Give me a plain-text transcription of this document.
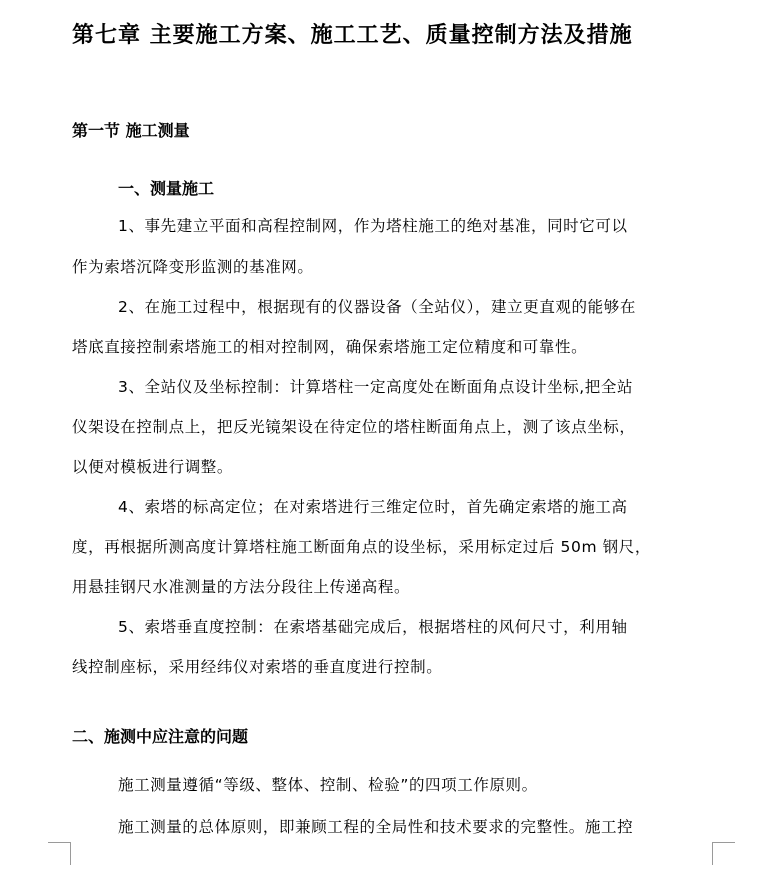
第七章 主要施工方案、施工工艺、质量控制方法及措施
第一节 施工测量
一、测量施工
1、事先建立平面和高程控制网，作为塔柱施工的绝对基准，同时它可以
作为索塔沉降变形监测的基准网。
2、在施工过程中，根据现有的仪器设备（全站仪），建立更直观的能够在
塔底直接控制索塔施工的相对控制网，确保索塔施工定位精度和可靠性。
3、全站仪及坐标控制：计算塔柱一定高度处在断面角点设计坐标,把全站
仪架设在控制点上，把反光镜架设在待定位的塔柱断面角点上，测了该点坐标，
以便对模板进行调整。
4、索塔的标高定位；在对索塔进行三维定位时，首先确定索塔的施工高
度，再根据所测高度计算塔柱施工断面角点的设坐标，采用标定过后 50m 钢尺，
用悬挂钢尺水准测量的方法分段往上传递高程。
5、索塔垂直度控制：在索塔基础完成后，根据塔柱的风何尺寸，利用轴
线控制座标，采用经纬仪对索塔的垂直度进行控制。
二、施测中应注意的问题
施工测量遵循“等级、整体、控制、检验”的四项工作原则。
施工测量的总体原则，即兼顾工程的全局性和技术要求的完整性。施工控
